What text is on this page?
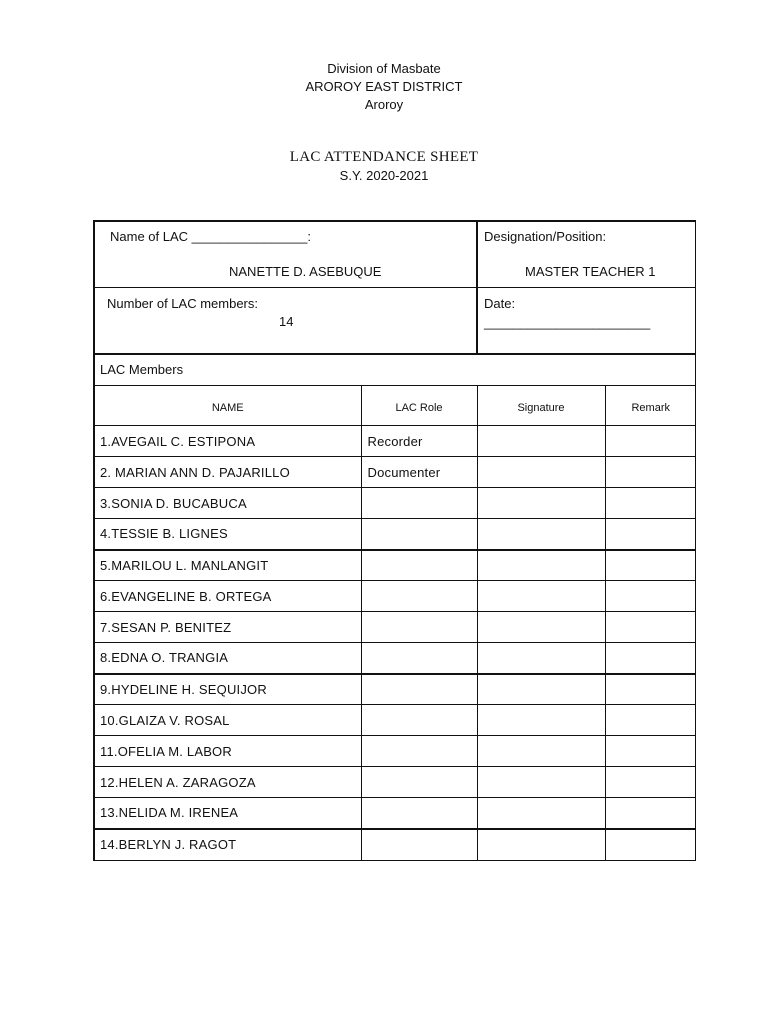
Division of Masbate
AROROY EAST DISTRICT
Aroroy
LAC ATTENDANCE SHEET
S.Y. 2020-2021
Name of LAC ________________:
NANETTE D. ASEBUQUE
Designation/Position:
MASTER TEACHER 1
Number of LAC members:
14
Date:
_______________________
LAC Members
NAME	LAC Role	Signature	Remark
1.AVEGAIL C. ESTIPONA	Recorder		
2. MARIAN ANN D. PAJARILLO	Documenter		
3.SONIA D. BUCABUCA			
4.TESSIE B. LIGNES			
5.MARILOU L. MANLANGIT			
6.EVANGELINE B. ORTEGA			
7.SESAN P. BENITEZ			
8.EDNA O. TRANGIA			
9.HYDELINE H. SEQUIJOR			
10.GLAIZA V. ROSAL			
11.OFELIA M. LABOR			
12.HELEN A. ZARAGOZA			
13.NELIDA M. IRENEA			
14.BERLYN J. RAGOT			
